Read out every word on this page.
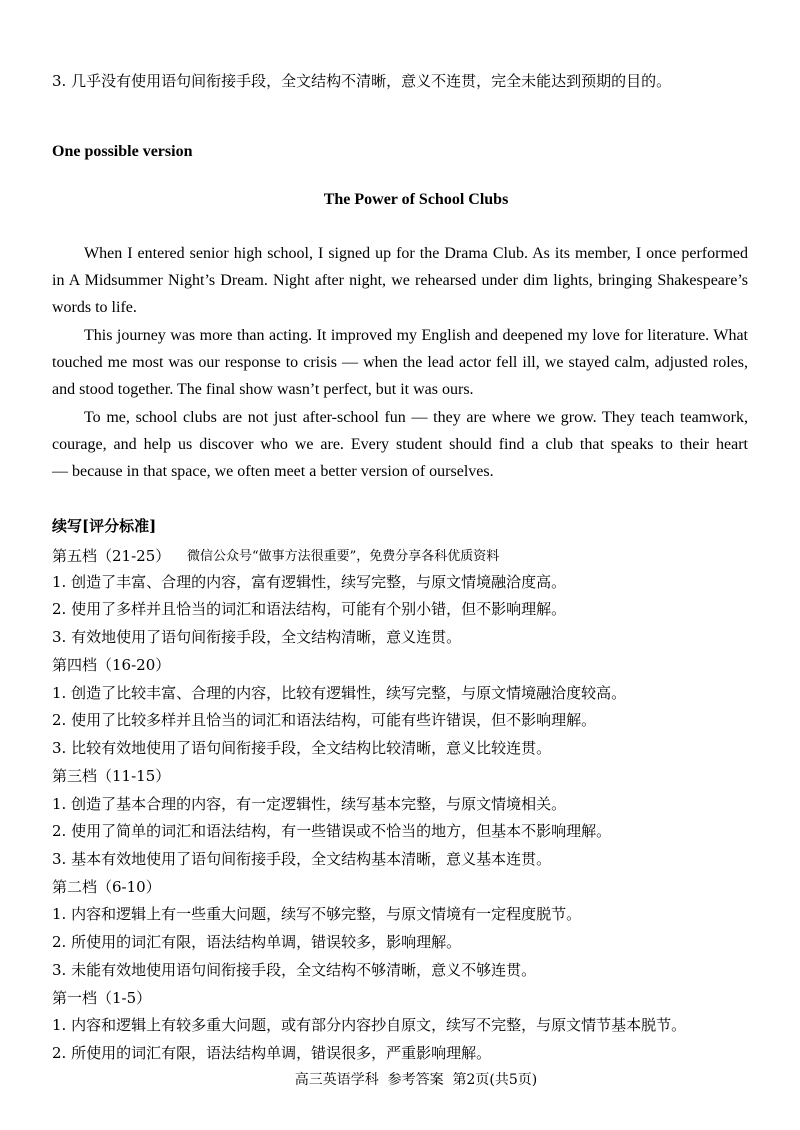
3. 几乎没有使用语句间衔接手段，全文结构不清晰，意义不连贯，完全未能达到预期的目的。
One possible version
The Power of School Clubs
When I entered senior high school, I signed up for the Drama Club. As its member, I once performed
in A Midsummer Night’s Dream. Night after night, we rehearsed under dim lights, bringing Shakespeare’s
words to life.
This journey was more than acting. It improved my English and deepened my love for literature. What
touched me most was our response to crisis — when the lead actor fell ill, we stayed calm, adjusted roles,
and stood together. The final show wasn’t perfect, but it was ours.
To me, school clubs are not just after-school fun — they are where we grow. They teach teamwork,
courage, and help us discover who we are. Every student should find a club that speaks to their heart
— because in that space, we often meet a better version of ourselves.
续写[评分标准]
第五档（21-25） 微信公众号“做事方法很重要”，免费分享各科优质资料
1. 创造了丰富、合理的内容，富有逻辑性，续写完整，与原文情境融洽度高。
2. 使用了多样并且恰当的词汇和语法结构，可能有个别小错，但不影响理解。
3. 有效地使用了语句间衔接手段，全文结构清晰，意义连贯。
第四档（16-20）
1. 创造了比较丰富、合理的内容，比较有逻辑性，续写完整，与原文情境融洽度较高。
2. 使用了比较多样并且恰当的词汇和语法结构，可能有些许错误，但不影响理解。
3. 比较有效地使用了语句间衔接手段，全文结构比较清晰，意义比较连贯。
第三档（11-15）
1. 创造了基本合理的内容，有一定逻辑性，续写基本完整，与原文情境相关。
2. 使用了简单的词汇和语法结构，有一些错误或不恰当的地方，但基本不影响理解。
3. 基本有效地使用了语句间衔接手段，全文结构基本清晰，意义基本连贯。
第二档（6-10）
1. 内容和逻辑上有一些重大问题，续写不够完整，与原文情境有一定程度脱节。
2. 所使用的词汇有限，语法结构单调，错误较多，影响理解。
3. 未能有效地使用语句间衔接手段，全文结构不够清晰，意义不够连贯。
第一档（1-5）
1. 内容和逻辑上有较多重大问题，或有部分内容抄自原文，续写不完整，与原文情节基本脱节。
2. 所使用的词汇有限，语法结构单调，错误很多，严重影响理解。
高三英语学科  参考答案  第2页(共5页)
